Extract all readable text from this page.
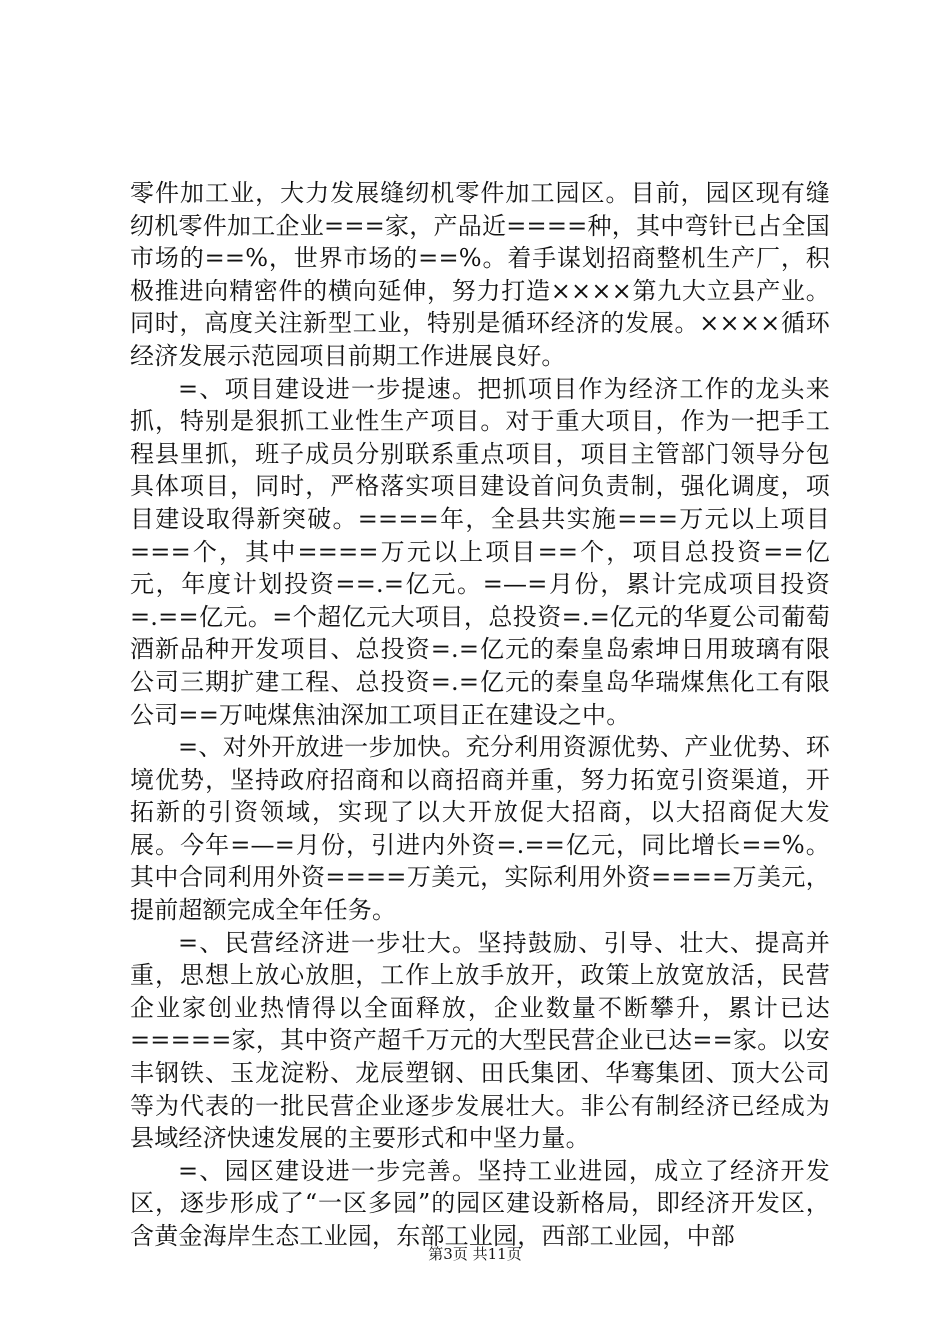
零件加工业，大力发展缝纫机零件加工园区。目前，园区现有缝纫机零件加工企业===家，产品近====种，其中弯针已占全国市场的==%，世界市场的==%。着手谋划招商整机生产厂，积极推进向精密件的横向延伸，努力打造××××第九大立县产业。同时，高度关注新型工业，特别是循环经济的发展。××××循环经济发展示范园项目前期工作进展良好。

=、项目建设进一步提速。把抓项目作为经济工作的龙头来抓，特别是狠抓工业性生产项目。对于重大项目，作为一把手工程县里抓，班子成员分别联系重点项目，项目主管部门领导分包具体项目，同时，严格落实项目建设首问负责制，强化调度，项目建设取得新突破。====年，全县共实施===万元以上项目===个，其中====万元以上项目==个，项目总投资==亿元，年度计划投资==.=亿元。=—=月份，累计完成项目投资=.==亿元。=个超亿元大项目，总投资=.=亿元的华夏公司葡萄酒新品种开发项目、总投资=.=亿元的秦皇岛索坤日用玻璃有限公司三期扩建工程、总投资=.=亿元的秦皇岛华瑞煤焦化工有限公司==万吨煤焦油深加工项目正在建设之中。

=、对外开放进一步加快。充分利用资源优势、产业优势、环境优势，坚持政府招商和以商招商并重，努力拓宽引资渠道，开拓新的引资领域，实现了以大开放促大招商，以大招商促大发展。今年=—=月份，引进内外资=.==亿元，同比增长==%。其中合同利用外资====万美元，实际利用外资====万美元，提前超额完成全年任务。

=、民营经济进一步壮大。坚持鼓励、引导、壮大、提高并重，思想上放心放胆，工作上放手放开，政策上放宽放活，民营企业家创业热情得以全面释放，企业数量不断攀升，累计已达=====家，其中资产超千万元的大型民营企业已达==家。以安丰钢铁、玉龙淀粉、龙辰塑钢、田氏集团、华骞集团、顶大公司等为代表的一批民营企业逐步发展壮大。非公有制经济已经成为县域经济快速发展的主要形式和中坚力量。

=、园区建设进一步完善。坚持工业进园，成立了经济开发区，逐步形成了“一区多园”的园区建设新格局，即经济开发区，含黄金海岸生态工业园，东部工业园，西部工业园，中部

第3页 共11页
